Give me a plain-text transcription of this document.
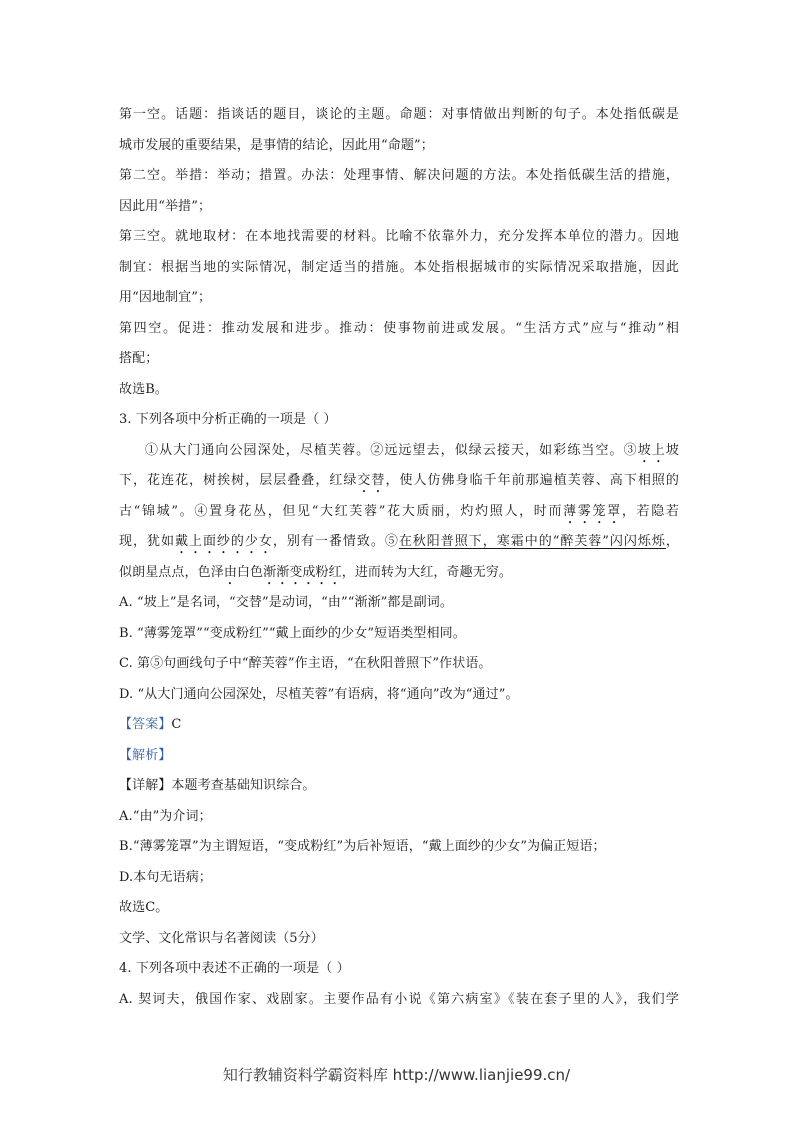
第一空。话题：指谈话的题目，谈论的主题。命题：对事情做出判断的句子。本处指低碳是
城市发展的重要结果，是事情的结论，因此用“命题”；
第二空。举措：举动；措置。办法：处理事情、解决问题的方法。本处指低碳生活的措施，
因此用“举措”；
第三空。就地取材：在本地找需要的材料。比喻不依靠外力，充分发挥本单位的潜力。因地
制宜：根据当地的实际情况，制定适当的措施。本处指根据城市的实际情况采取措施，因此
用“因地制宜”；
第四空。促进：推动发展和进步。推动：使事物前进或发展。“生活方式”应与“推动”相
搭配；
故选B。
3. 下列各项中分析正确的一项是（ ）
①从大门通向公园深处，尽植芙蓉。②远远望去，似绿云接天，如彩练当空。③坡上坡
下，花连花，树挨树，层层叠叠，红绿交替，使人仿佛身临千年前那遍植芙蓉、高下相照的
古“锦城”。④置身花丛，但见“大红芙蓉”花大质丽，灼灼照人，时而薄雾笼罩，若隐若
现，犹如戴上面纱的少女，别有一番情致。⑤在秋阳普照下，寒霜中的“醉芙蓉”闪闪烁烁，
似朗星点点，色泽由白色渐渐变成粉红，进而转为大红，奇趣无穷。
A. “坡上”是名词，“交替”是动词，“由”“渐渐”都是副词。
B. “薄雾笼罩”“变成粉红”“戴上面纱的少女”短语类型相同。
C. 第⑤句画线句子中“醉芙蓉”作主语，“在秋阳普照下”作状语。
D. “从大门通向公园深处，尽植芙蓉”有语病，将“通向”改为“通过”。
【答案】C
【解析】
【详解】本题考查基础知识综合。
A.“由”为介词；
B.“薄雾笼罩”为主谓短语，“变成粉红”为后补短语，“戴上面纱的少女”为偏正短语；
D.本句无语病；
故选C。
文学、文化常识与名著阅读（5分）
4. 下列各项中表述不正确的一项是（ ）
A. 契诃夫，俄国作家、戏剧家。主要作品有小说《第六病室》《装在套子里的人》，我们学
知行教辅资料学霸资料库 http://www.lianjie99.cn/
